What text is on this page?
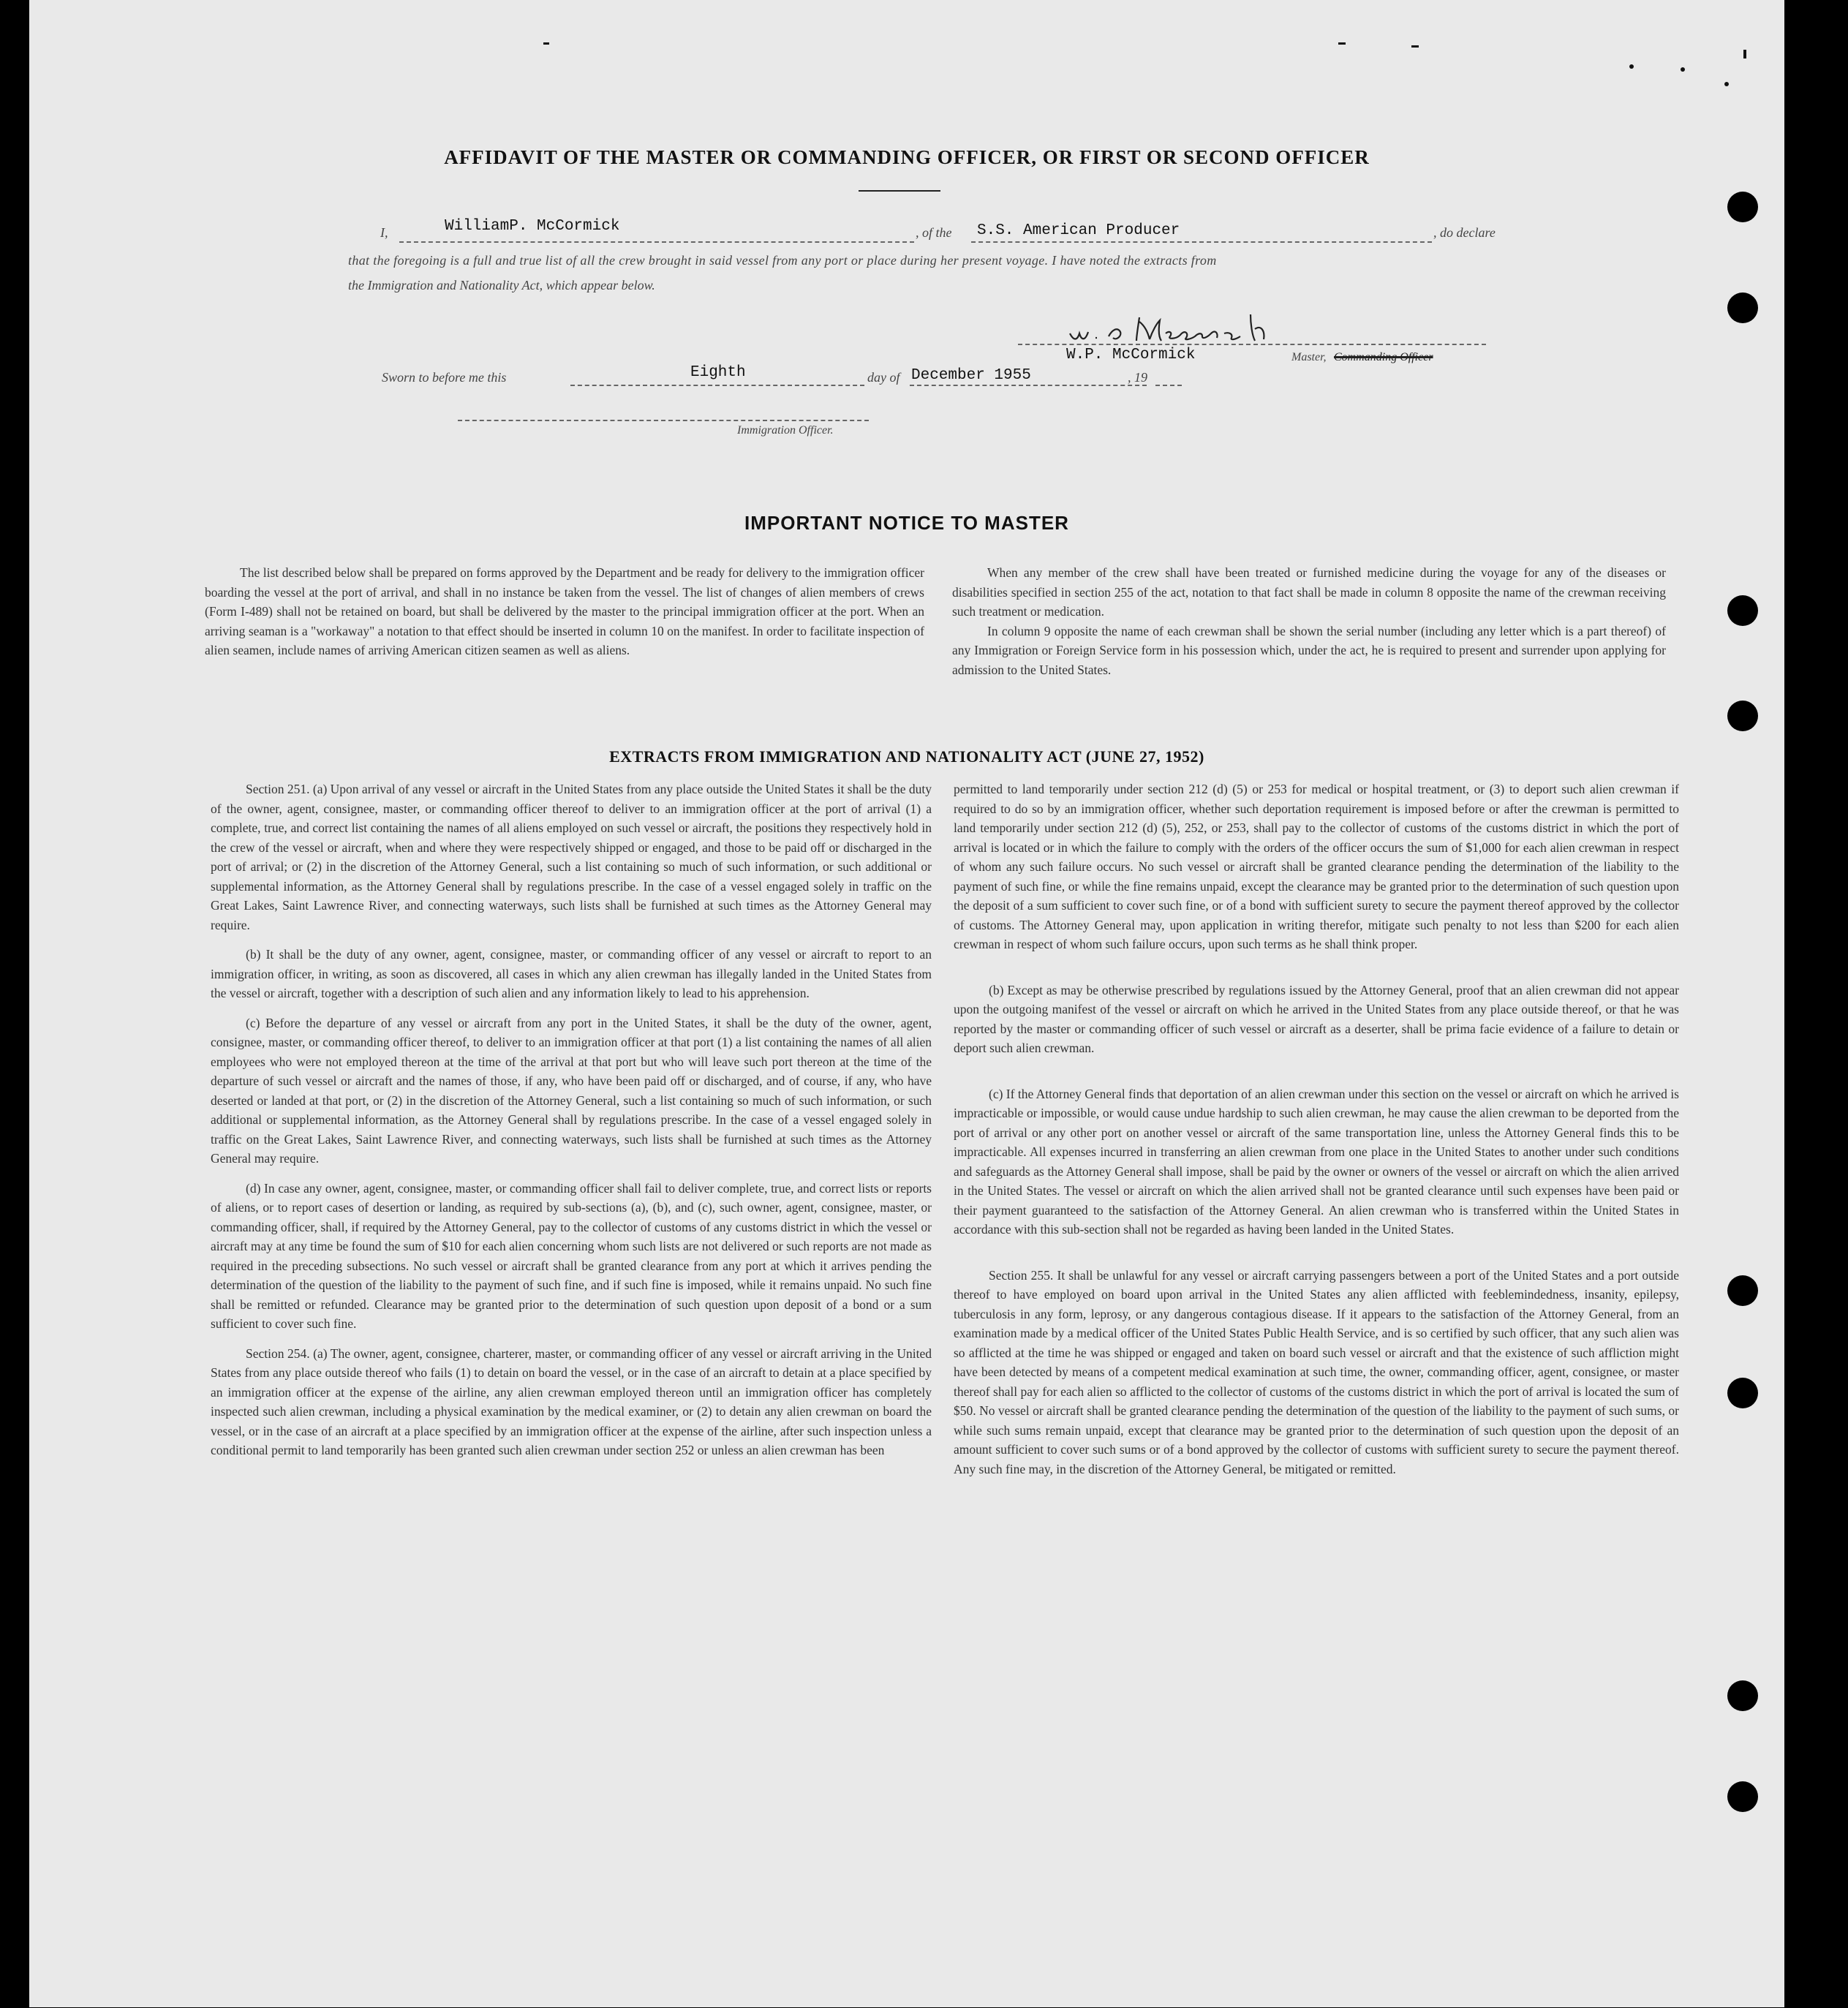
AFFIDAVIT OF THE MASTER OR COMMANDING OFFICER, OR FIRST OR SECOND OFFICER
I,	WilliamP. McCormick	, of the S.S. American Producer	, do declare
that the foregoing is a full and true list of all the crew brought in said vessel from any port or place during her present voyage. I have noted the extracts from
the Immigration and Nationality Act, which appear below.
W.P. McCormick	Master, Commanding Officer
Sworn to before me this	Eighth	day of December 1955	, 19
Immigration Officer.
IMPORTANT NOTICE TO MASTER

The list described below shall be prepared on forms approved by the Department and be ready for delivery to the immigration officer boarding the vessel at the port of arrival, and shall in no instance be taken from the vessel. The list of changes of alien members of crews (Form I-489) shall not be retained on board, but shall be delivered by the master to the principal immigration officer at the port. When an arriving seaman is a "workaway" a notation to that effect should be inserted in column 10 on the manifest. In order to facilitate inspection of alien seamen, include names of arriving American citizen seamen as well as aliens.

When any member of the crew shall have been treated or furnished medicine during the voyage for any of the diseases or disabilities specified in section 255 of the act, notation to that fact shall be made in column 8 opposite the name of the crewman receiving such treatment or medication.

In column 9 opposite the name of each crewman shall be shown the serial number (including any letter which is a part thereof) of any Immigration or Foreign Service form in his possession which, under the act, he is required to present and surrender upon applying for admission to the United States.

EXTRACTS FROM IMMIGRATION AND NATIONALITY ACT (JUNE 27, 1952)

Section 251. (a) Upon arrival of any vessel or aircraft in the United States from any place outside the United States it shall be the duty of the owner, agent, consignee, master, or commanding officer thereof to deliver to an immigration officer at the port of arrival (1) a complete, true, and correct list containing the names of all aliens employed on such vessel or aircraft, the positions they respectively hold in the crew of the vessel or aircraft, when and where they were respectively shipped or engaged, and those to be paid off or discharged in the port of arrival; or (2) in the discretion of the Attorney General, such a list containing so much of such information, or such additional or supplemental information, as the Attorney General shall by regulations prescribe. In the case of a vessel engaged solely in traffic on the Great Lakes, Saint Lawrence River, and connecting waterways, such lists shall be furnished at such times as the Attorney General may require.

(b) It shall be the duty of any owner, agent, consignee, master, or commanding officer of any vessel or aircraft to report to an immigration officer, in writing, as soon as discovered, all cases in which any alien crewman has illegally landed in the United States from the vessel or aircraft, together with a description of such alien and any information likely to lead to his apprehension.

(c) Before the departure of any vessel or aircraft from any port in the United States, it shall be the duty of the owner, agent, consignee, master, or commanding officer thereof, to deliver to an immigration officer at that port (1) a list containing the names of all alien employees who were not employed thereon at the time of the arrival at that port but who will leave such port thereon at the time of the departure of such vessel or aircraft and the names of those, if any, who have been paid off or discharged, and of course, if any, who have deserted or landed at that port, or (2) in the discretion of the Attorney General, such a list containing so much of such information, or such additional or supplemental information, as the Attorney General shall by regulations prescribe. In the case of a vessel engaged solely in traffic on the Great Lakes, Saint Lawrence River, and connecting waterways, such lists shall be furnished at such times as the Attorney General may require.

(d) In case any owner, agent, consignee, master, or commanding officer shall fail to deliver complete, true, and correct lists or reports of aliens, or to report cases of desertion or landing, as required by sub-sections (a), (b), and (c), such owner, agent, consignee, master, or commanding officer, shall, if required by the Attorney General, pay to the collector of customs of any customs district in which the vessel or aircraft may at any time be found the sum of $10 for each alien concerning whom such lists are not delivered or such reports are not made as required in the preceding subsections. No such vessel or aircraft shall be granted clearance from any port at which it arrives pending the determination of the question of the liability to the payment of such fine, and if such fine is imposed, while it remains unpaid. No such fine shall be remitted or refunded. Clearance may be granted prior to the determination of such question upon deposit of a bond or a sum sufficient to cover such fine.

Section 254. (a) The owner, agent, consignee, charterer, master, or commanding officer of any vessel or aircraft arriving in the United States from any place outside thereof who fails (1) to detain on board the vessel, or in the case of an aircraft to detain at a place specified by an immigration officer at the expense of the airline, any alien crewman employed thereon until an immigration officer has completely inspected such alien crewman, including a physical examination by the medical examiner, or (2) to detain any alien crewman on board the vessel, or in the case of an aircraft at a place specified by an immigration officer at the expense of the airline, after such inspection unless a conditional permit to land temporarily has been granted such alien crewman under section 252 or unless an alien crewman has been

permitted to land temporarily under section 212 (d) (5) or 253 for medical or hospital treatment, or (3) to deport such alien crewman if required to do so by an immigration officer, whether such deportation requirement is imposed before or after the crewman is permitted to land temporarily under section 212 (d) (5), 252, or 253, shall pay to the collector of customs of the customs district in which the port of arrival is located or in which the failure to comply with the orders of the officer occurs the sum of $1,000 for each alien crewman in respect of whom any such failure occurs. No such vessel or aircraft shall be granted clearance pending the determination of the liability to the payment of such fine, or while the fine remains unpaid, except the clearance may be granted prior to the determination of such question upon the deposit of a sum sufficient to cover such fine, or of a bond with sufficient surety to secure the payment thereof approved by the collector of customs. The Attorney General may, upon application in writing therefor, mitigate such penalty to not less than $200 for each alien crewman in respect of whom such failure occurs, upon such terms as he shall think proper.

(b) Except as may be otherwise prescribed by regulations issued by the Attorney General, proof that an alien crewman did not appear upon the outgoing manifest of the vessel or aircraft on which he arrived in the United States from any place outside thereof, or that he was reported by the master or commanding officer of such vessel or aircraft as a deserter, shall be prima facie evidence of a failure to detain or deport such alien crewman.

(c) If the Attorney General finds that deportation of an alien crewman under this section on the vessel or aircraft on which he arrived is impracticable or impossible, or would cause undue hardship to such alien crewman, he may cause the alien crewman to be deported from the port of arrival or any other port on another vessel or aircraft of the same transportation line, unless the Attorney General finds this to be impracticable. All expenses incurred in transferring an alien crewman from one place in the United States to another under such conditions and safeguards as the Attorney General shall impose, shall be paid by the owner or owners of the vessel or aircraft on which the alien arrived in the United States. The vessel or aircraft on which the alien arrived shall not be granted clearance until such expenses have been paid or their payment guaranteed to the satisfaction of the Attorney General. An alien crewman who is transferred within the United States in accordance with this sub-section shall not be regarded as having been landed in the United States.

Section 255. It shall be unlawful for any vessel or aircraft carrying passengers between a port of the United States and a port outside thereof to have employed on board upon arrival in the United States any alien afflicted with feeblemindedness, insanity, epilepsy, tuberculosis in any form, leprosy, or any dangerous contagious disease. If it appears to the satisfaction of the Attorney General, from an examination made by a medical officer of the United States Public Health Service, and is so certified by such officer, that any such alien was so afflicted at the time he was shipped or engaged and taken on board such vessel or aircraft and that the existence of such affliction might have been detected by means of a competent medical examination at such time, the owner, commanding officer, agent, consignee, or master thereof shall pay for each alien so afflicted to the collector of customs of the customs district in which the port of arrival is located the sum of $50. No vessel or aircraft shall be granted clearance pending the determination of the question of the liability to the payment of such sums, or while such sums remain unpaid, except that clearance may be granted prior to the determination of such question upon the deposit of an amount sufficient to cover such sums or of a bond approved by the collector of customs with sufficient surety to secure the payment thereof. Any such fine may, in the discretion of the Attorney General, be mitigated or remitted.
